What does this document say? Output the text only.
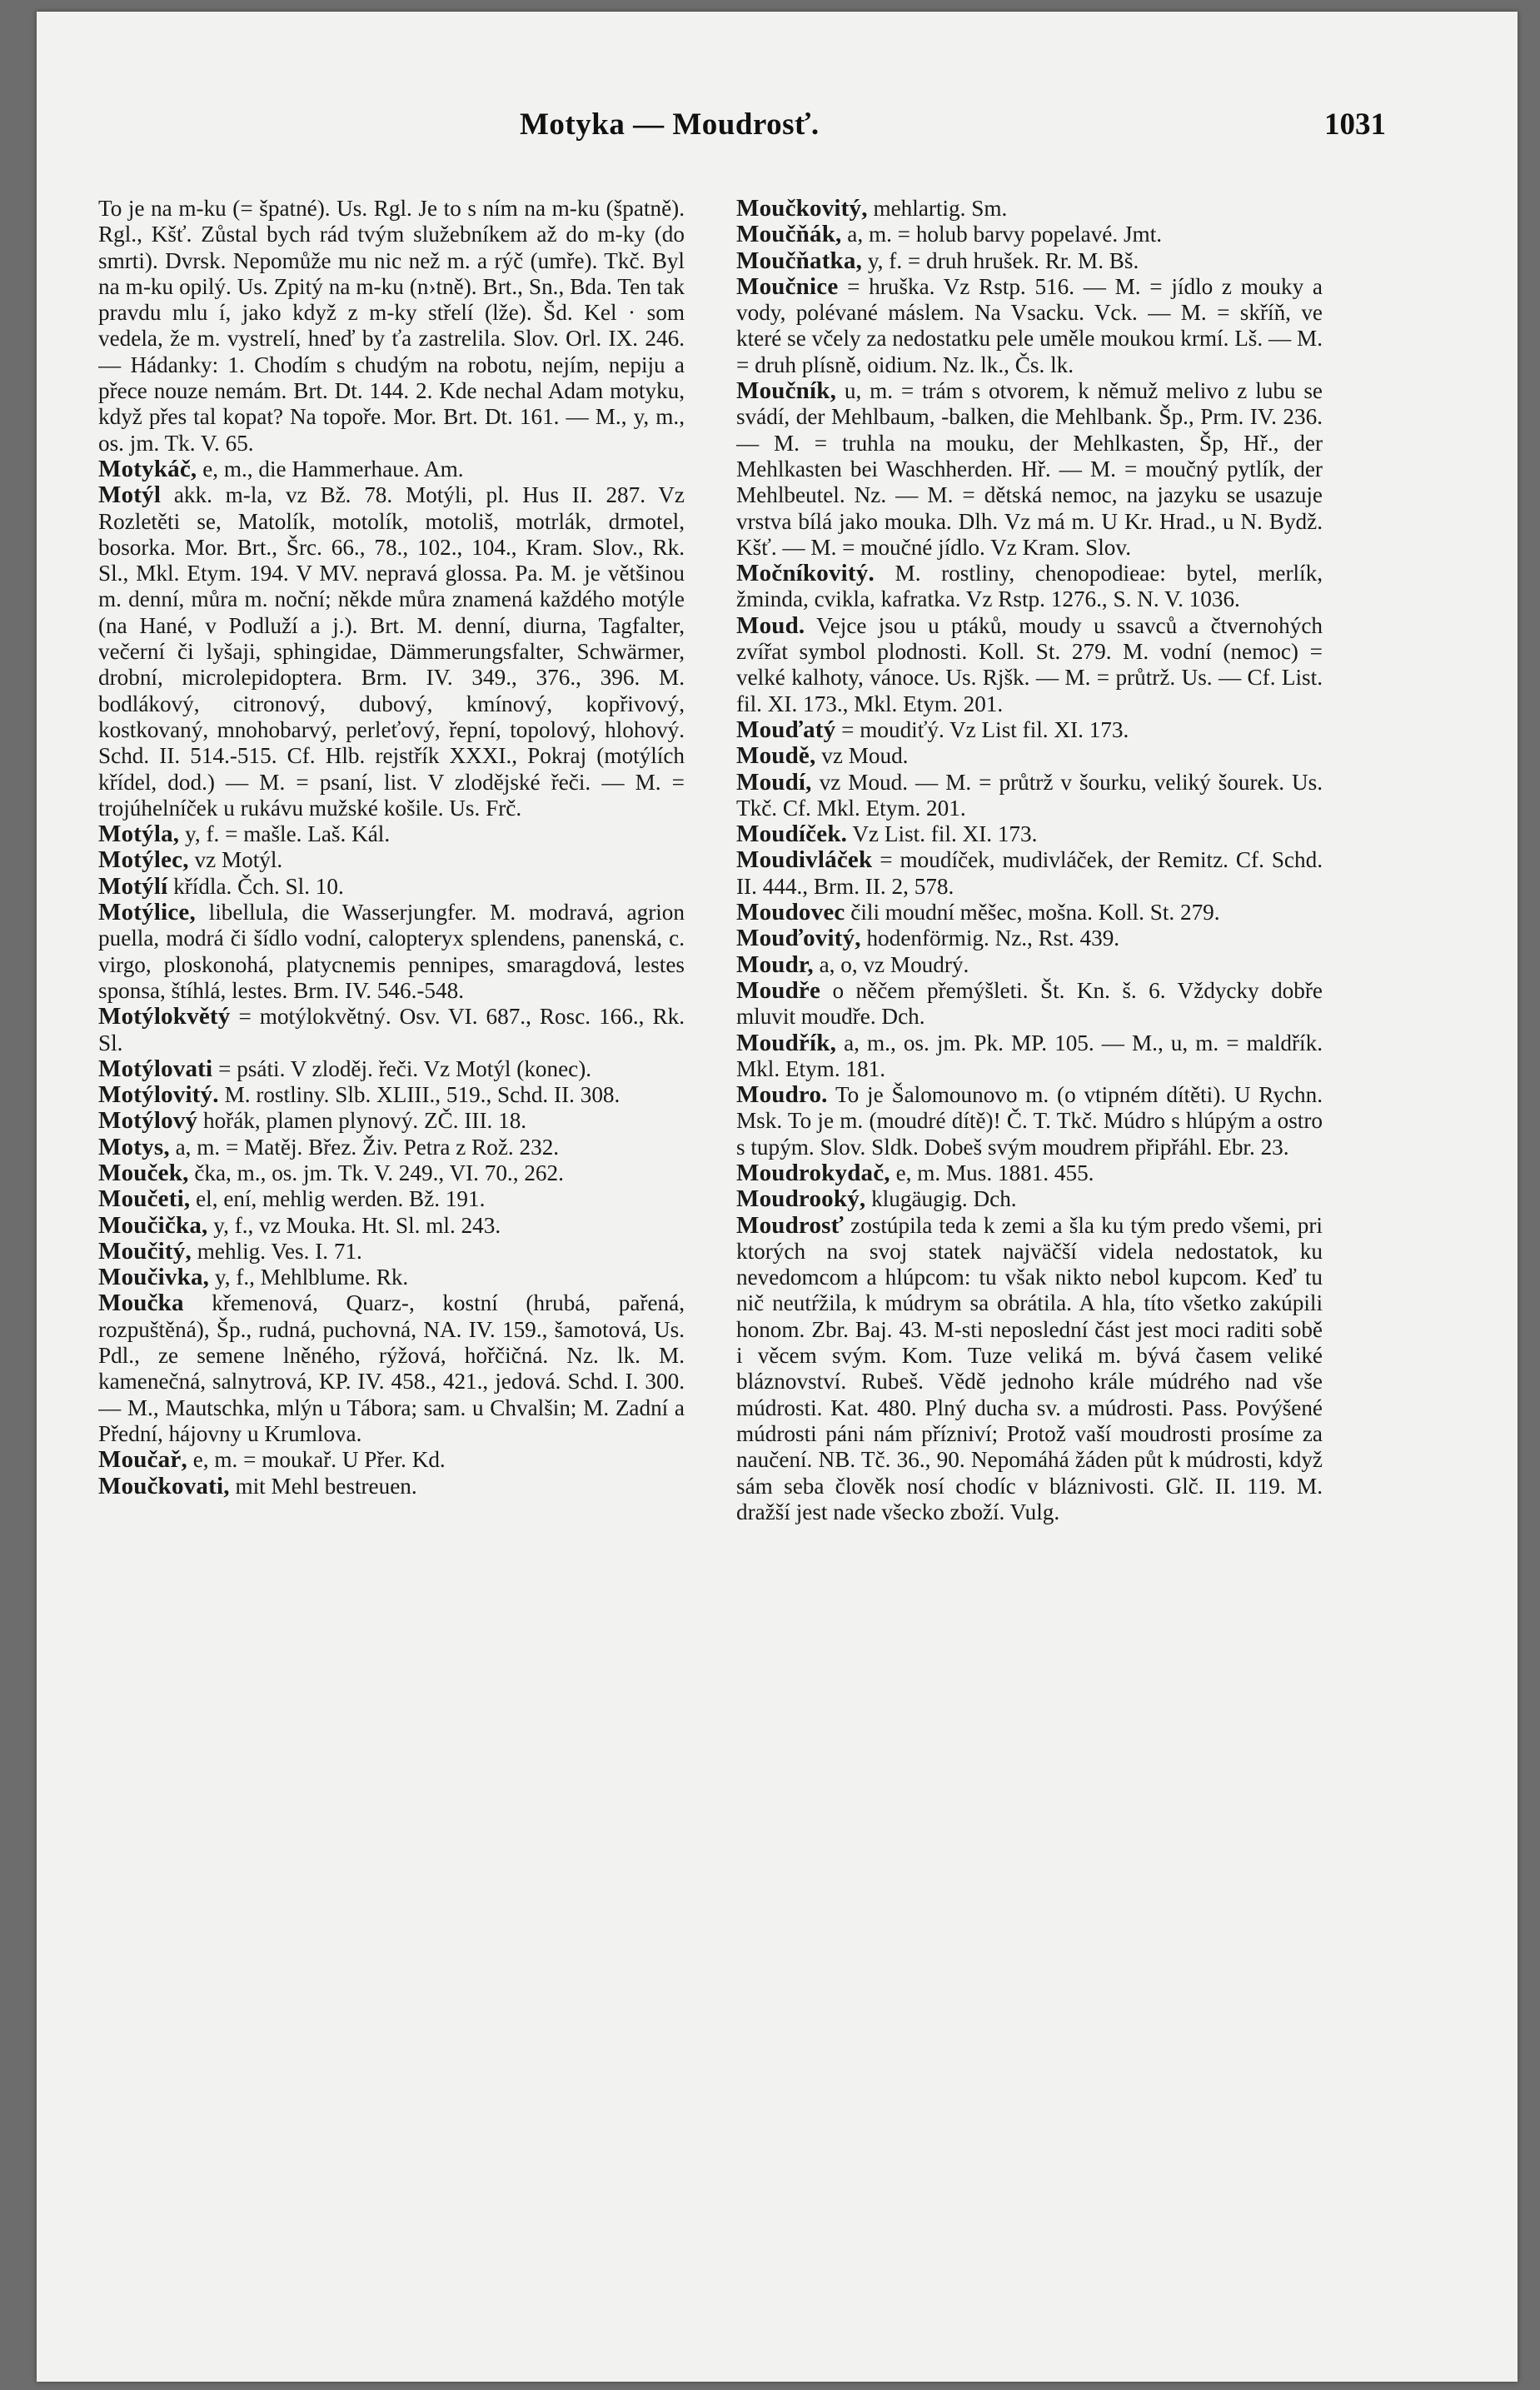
Motyka — Moudrosť.	1031

To je na m-ku (= špatné). Us. Rgl. Je to s ním na m-ku (špatně). Rgl., Kšť. Zůstal bych rád tvým služebníkem až do m-ky (do smrti). Dvrsk. Nepomůže mu nic než m. a rýč (umře). Tkč. Byl na m-ku opilý. Us. Zpitý na m-ku (n›tně). Brt., Sn., Bda. Ten tak pravdu mlu í, jako když z m-ky střelí (lže). Šd. Kel · som vedela, že m. vystrelí, hneď by ťa zastrelila. Slov. Orl. IX. 246. — Hádanky: 1. Chodím s chudým na robotu, nejím, nepiju a přece nouze nemám. Brt. Dt. 144. 2. Kde nechal Adam motyku, když přes tal kopat? Na topoře. Mor. Brt. Dt. 161. — M., y, m., os. jm. Tk. V. 65.

Motykáč, e, m., die Hammerhaue. Am.

Motýl akk. m-la, vz Bž. 78. Motýli, pl. Hus II. 287. Vz Rozletěti se, Matolík, motolík, motoliš, motrlák, drmotel, bosorka. Mor. Brt., Šrc. 66., 78., 102., 104., Kram. Slov., Rk. Sl., Mkl. Etym. 194. V MV. nepravá glossa. Pa. M. je většinou m. denní, můra m. noční; někde můra znamená každého motýle (na Hané, v Podluží a j.). Brt. M. denní, diurna, Tagfalter, večerní či lyšaji, sphingidae, Dämmerungsfalter, Schwärmer, drobní, microlepidoptera. Brm. IV. 349., 376., 396. M. bodlákový, citronový, dubový, kmínový, kopřivový, kostkovaný, mnohobarvý, perleťový, řepní, topolový, hlohový. Schd. II. 514.-515. Cf. Hlb. rejstřík XXXI., Pokraj (motýlích křídel, dod.) — M. = psaní, list. V zlodějské řeči. — M. = trojúhelníček u rukávu mužské košile. Us. Frč.

Motýla, y, f. = mašle. Laš. Kál.

Motýlec, vz Motýl.

Motýlí křídla. Čch. Sl. 10.

Motýlice, libellula, die Wasserjungfer. M. modravá, agrion puella, modrá či šídlo vodní, calopteryx splendens, panenská, c. virgo, ploskonohá, platycnemis pennipes, smaragdová, lestes sponsa, štíhlá, lestes. Brm. IV. 546.-548.

Motýlokvětý = motýlokvětný. Osv. VI. 687., Rosc. 166., Rk. Sl.

Motýlovati = psáti. V zloděj. řeči. Vz Motýl (konec).

Motýlovitý. M. rostliny. Slb. XLIII., 519., Schd. II. 308.

Motýlový hořák, plamen plynový. ZČ. III. 18.

Motys, a, m. = Matěj. Břez. Živ. Petra z Rož. 232.

Mouček, čka, m., os. jm. Tk. V. 249., VI. 70., 262.

Moučeti, el, ení, mehlig werden. Bž. 191.

Moučička, y, f., vz Mouka. Ht. Sl. ml. 243.

Moučitý, mehlig. Ves. I. 71.

Moučivka, y, f., Mehlblume. Rk.

Moučka křemenová, Quarz-, kostní (hrubá, pařená, rozpuštěná), Šp., rudná, puchovná, NA. IV. 159., šamotová, Us. Pdl., ze semene lněného, rýžová, hořčičná. Nz. lk. M. kamenečná, salnytrová, KP. IV. 458., 421., jedová. Schd. I. 300. — M., Mautschka, mlýn u Tábora; sam. u Chvalšin; M. Zadní a Přední, hájovny u Krumlova.

Moučař, e, m. = moukař. U Přer. Kd.

Moučkovati, mit Mehl bestreuen.

Moučkovitý, mehlartig. Sm.

Moučňák, a, m. = holub barvy popelavé. Jmt.

Moučňatka, y, f. = druh hrušek. Rr. M. Bš.

Moučnice = hruška. Vz Rstp. 516. — M. = jídlo z mouky a vody, polévané máslem. Na Vsacku. Vck. — M. = skříň, ve které se včely za nedostatku pele uměle moukou krmí. Lš. — M. = druh plísně, oidium. Nz. lk., Čs. lk.

Moučník, u, m. = trám s otvorem, k němuž melivo z lubu se svádí, der Mehlbaum, -balken, die Mehlbank. Šp., Prm. IV. 236. — M. = truhla na mouku, der Mehlkasten, Šp, Hř., der Mehlkasten bei Waschherden. Hř. — M. = moučný pytlík, der Mehlbeutel. Nz. — M. = dětská nemoc, na jazyku se usazuje vrstva bílá jako mouka. Dlh. Vz má m. U Kr. Hrad., u N. Bydž. Kšť. — M. = moučné jídlo. Vz Kram. Slov.

Močníkovitý. M. rostliny, chenopodieae: bytel, merlík, žminda, cvikla, kafratka. Vz Rstp. 1276., S. N. V. 1036.

Moud. Vejce jsou u ptáků, moudy u ssavců a čtvernohých zvířat symbol plodnosti. Koll. St. 279. M. vodní (nemoc) = velké kalhoty, vánoce. Us. Rjšk. — M. = průtrž. Us. — Cf. List. fil. XI. 173., Mkl. Etym. 201.

Mouďatý = moudiťý. Vz List fil. XI. 173.

Moudě, vz Moud.

Moudí, vz Moud. — M. = průtrž v šourku, veliký šourek. Us. Tkč. Cf. Mkl. Etym. 201.

Moudíček. Vz List. fil. XI. 173.

Moudivláček = moudíček, mudivláček, der Remitz. Cf. Schd. II. 444., Brm. II. 2, 578.

Moudovec čili moudní měšec, mošna. Koll. St. 279.

Mouďovitý, hodenförmig. Nz., Rst. 439.

Moudr, a, o, vz Moudrý.

Moudře o něčem přemýšleti. Št. Kn. š. 6. Vždycky dobře mluvit moudře. Dch.

Moudřík, a, m., os. jm. Pk. MP. 105. — M., u, m. = maldřík. Mkl. Etym. 181.

Moudro. To je Šalomounovo m. (o vtipném dítěti). U Rychn. Msk. To je m. (moudré dítě)! Č. T. Tkč. Múdro s hlúpým a ostro s tupým. Slov. Sldk. Dobeš svým moudrem připřáhl. Ebr. 23.

Moudrokydač, e, m. Mus. 1881. 455.

Moudrooký, klugäugig. Dch.

Moudrosť zostúpila teda k zemi a šla ku tým predo všemi, pri ktorých na svoj statek najväčší videla nedostatok, ku nevedomcom a hlúpcom: tu však nikto nebol kupcom. Keď tu nič neutŕžila, k múdrym sa obrátila. A hla, títo všetko zakúpili honom. Zbr. Baj. 43. M-sti neposlední část jest moci raditi sobě i věcem svým. Kom. Tuze veliká m. bývá časem veliké bláznovství. Rubeš. Vědě jednoho krále múdrého nad vše múdrosti. Kat. 480. Plný ducha sv. a múdrosti. Pass. Povýšené múdrosti páni nám přízniví; Protož vaší moudrosti prosíme za naučení. NB. Tč. 36., 90. Nepomáhá žáden půt k múdrosti, když sám seba člověk nosí chodíc v bláznivosti. Glč. II. 119. M. dražší jest nade všecko zboží. Vulg.
